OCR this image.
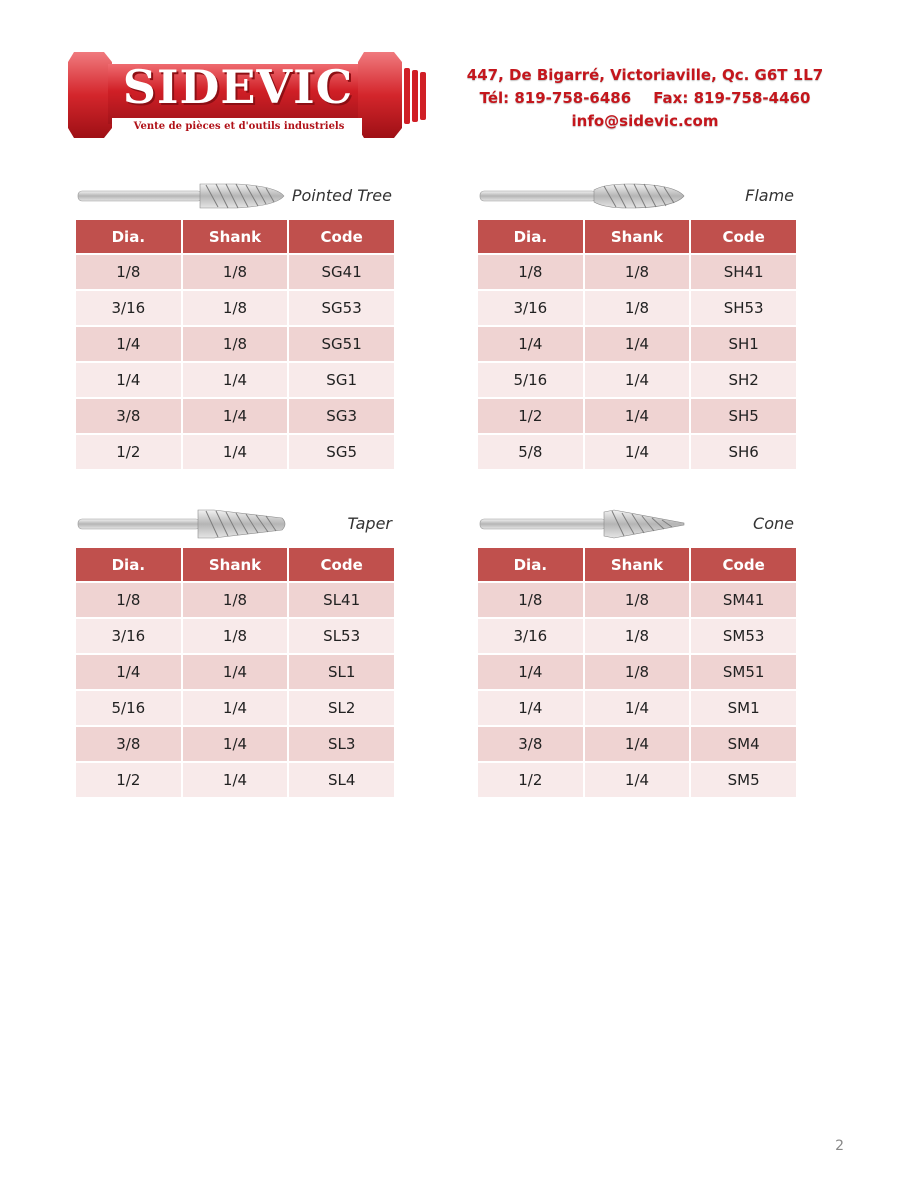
SIDEVIC
Vente de pièces et d'outils industriels
447, De Bigarré, Victoriaville, Qc. G6T 1L7
Tél: 819-758-6486 Fax: 819-758-4460
info@sidevic.com
Pointed Tree
Dia.	Shank	Code
1/8	1/8	SG41
3/16	1/8	SG53
1/4	1/8	SG51
1/4	1/4	SG1
3/8	1/4	SG3
1/2	1/4	SG5
Flame
Dia.	Shank	Code
1/8	1/8	SH41
3/16	1/8	SH53
1/4	1/4	SH1
5/16	1/4	SH2
1/2	1/4	SH5
5/8	1/4	SH6
Taper
Dia.	Shank	Code
1/8	1/8	SL41
3/16	1/8	SL53
1/4	1/4	SL1
5/16	1/4	SL2
3/8	1/4	SL3
1/2	1/4	SL4
Cone
Dia.	Shank	Code
1/8	1/8	SM41
3/16	1/8	SM53
1/4	1/8	SM51
1/4	1/4	SM1
3/8	1/4	SM4
1/2	1/4	SM5
2
